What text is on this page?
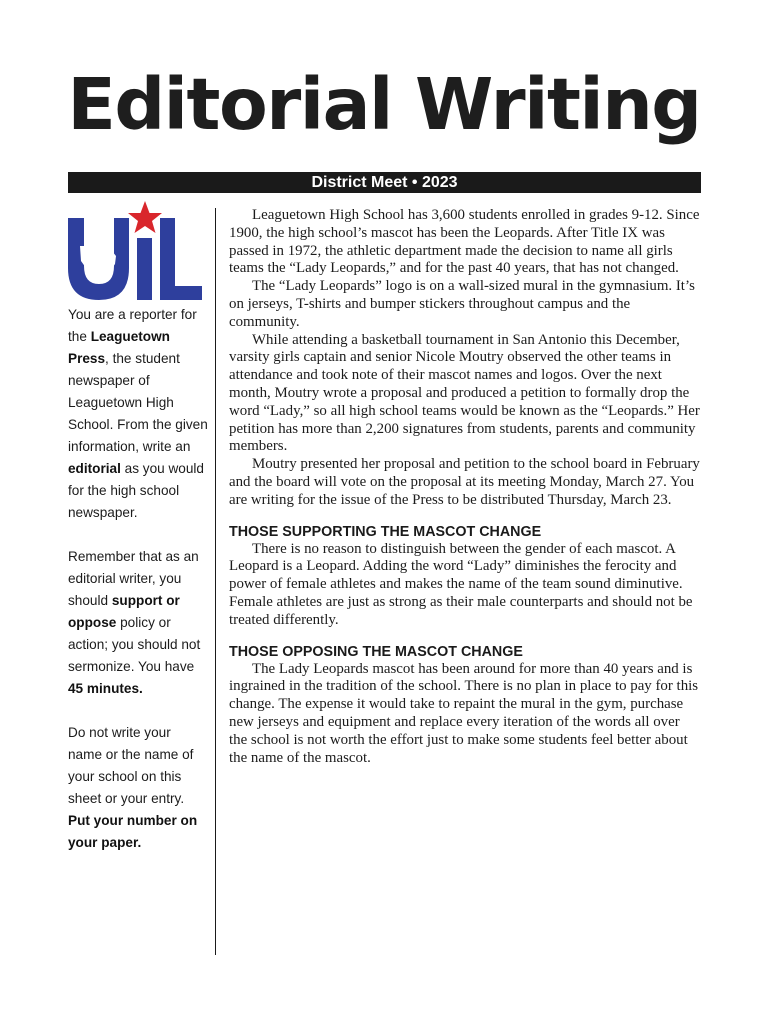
Editorial Writing
District Meet • 2023

You are a reporter for the Leaguetown Press, the student newspaper of Leaguetown High School. From the given information, write an editorial as you would for the high school newspaper.

Remember that as an editorial writer, you should support or oppose policy or action; you should not sermonize. You have 45 minutes.

Do not write your name or the name of your school on this sheet or your entry. Put your number on your paper.

Leaguetown High School has 3,600 students enrolled in grades 9-12. Since 1900, the high school’s mascot has been the Leopards. After Title IX was passed in 1972, the athletic department made the decision to name all girls teams the “Lady Leopards,” and for the past 40 years, that has not changed.

The “Lady Leopards” logo is on a wall-sized mural in the gymnasium. It’s on jerseys, T-shirts and bumper stickers throughout campus and the community.

While attending a basketball tournament in San Antonio this December, varsity girls captain and senior Nicole Moutry observed the other teams in attendance and took note of their mascot names and logos. Over the next month, Moutry wrote a proposal and produced a petition to formally drop the word “Lady,” so all high school teams would be known as the “Leopards.” Her petition has more than 2,200 signatures from students, parents and community members.

Moutry presented her proposal and petition to the school board in February and the board will vote on the proposal at its meeting Monday, March 27. You are writing for the issue of the Press to be distributed Thursday, March 23.

THOSE SUPPORTING THE MASCOT CHANGE

There is no reason to distinguish between the gender of each mascot. A Leopard is a Leopard. Adding the word “Lady” diminishes the ferocity and power of female athletes and makes the name of the team sound diminutive. Female athletes are just as strong as their male counterparts and should not be treated differently.

THOSE OPPOSING THE MASCOT CHANGE

The Lady Leopards mascot has been around for more than 40 years and is ingrained in the tradition of the school. There is no plan in place to pay for this change. The expense it would take to repaint the mural in the gym, purchase new jerseys and equipment and replace every iteration of the words all over the school is not worth the effort just to make some students feel better about the name of the mascot.
